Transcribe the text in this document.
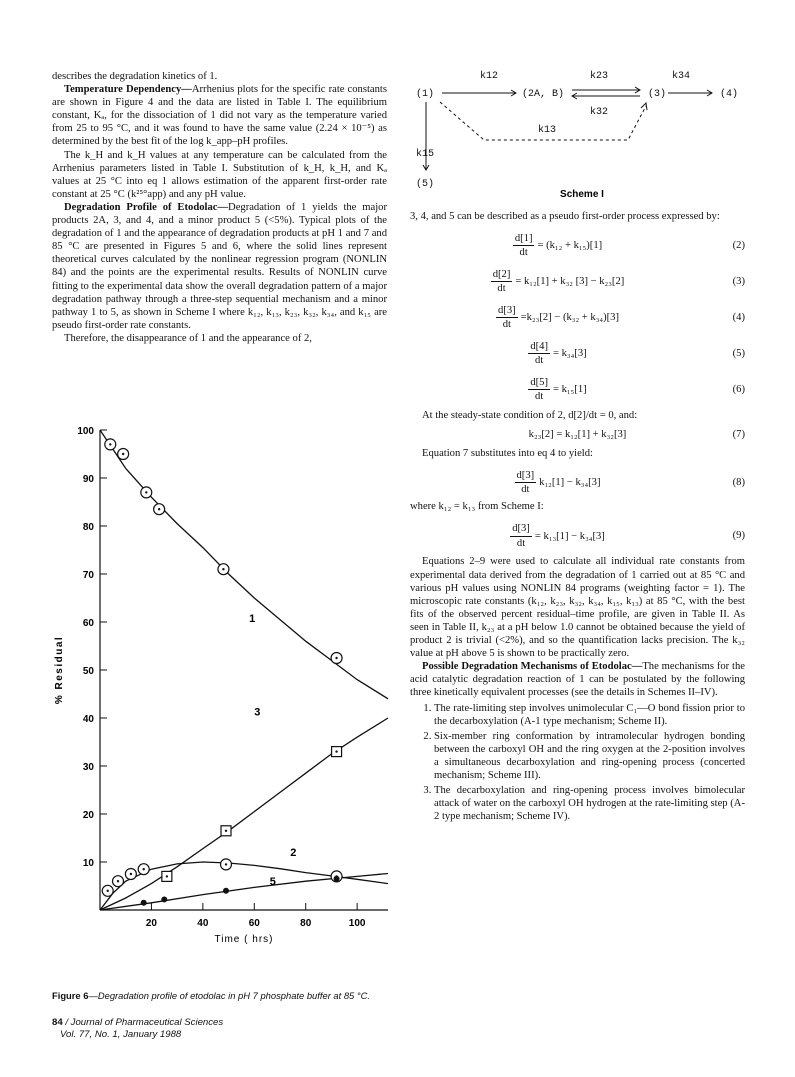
describes the degradation kinetics of 1.

Temperature Dependency—Arrhenius plots for the specific rate constants are shown in Figure 4 and the data are listed in Table I. The equilibrium constant, Kₐ, for the dissociation of 1 did not vary as the temperature varied from 25 to 95 °C, and it was found to have the same value (2.24 × 10⁻⁵) as determined by the best fit of the log k_app–pH profiles.

The k_H and k_H values at any temperature can be calculated from the Arrhenius parameters listed in Table I. Substitution of k_H, k_H, and Kₐ values at 25 °C into eq 1 allows estimation of the apparent first-order rate constant at 25 °C (k²⁵°app) and any pH value.

Degradation Profile of Etodolac—Degradation of 1 yields the major products 2A, 3, and 4, and a minor product 5 (<5%). Typical plots of the degradation of 1 and the appearance of degradation products at pH 1 and 7 and 85 °C are presented in Figures 5 and 6, where the solid lines represent theoretical curves calculated by the nonlinear regression program (NONLIN 84) and the points are the experimental results. Results of NONLIN curve fitting to the experimental data show the overall degradation pattern of a major degradation pathway through a three-step sequential mechanism and a minor pathway 1 to 5, as shown in Scheme I where k₁₂, k₁₃, k₂₃, k₃₂, k₃₄, and k₁₅ are pseudo first-order rate constants.

Therefore, the disappearance of 1 and the appearance of 2,

(1)	(2A, B)	(3)	(4)
(5)
k12	k23
k32
k34
k13
k15
Scheme I

3, 4, and 5 can be described as a pseudo first-order process expressed by:

$\frac{d[1]}{dt} = (k_{12} + k_{15})[1]$	(2)
$\frac{d[2]}{dt} = k_{12}[1] + k_{32}$ [3] − k₂₃[2]	(3)
$\frac{d[3]}{dt} =k_{23}[2] - (k_{32} + k_{34})[3]$	(4)
$\frac{d[4]}{dt} = k_{34}[3]$	(5)
$\frac{d[5]}{dt} = k_{15}[1]$	(6)

At the steady-state condition of 2, d[2]/dt = 0, and:

k₂₃[2] = k₁₂[1] + k₃₂[3]	(7)

Equation 7 substitutes into eq 4 to yield:

$\frac{d[3]}{dt} k_{12}[1] - k_{34}[3]$	(8)

where k₁₂ = k₁₃ from Scheme I:

$\frac{d[3]}{dt} = k_{13}[1] - k_{34}[3]$	(9)

Equations 2–9 were used to calculate all individual rate constants from experimental data derived from the degradation of 1 carried out at 85 °C and various pH values using NONLIN 84 programs (weighting factor = 1). The microscopic rate constants (k₁₂, k₂₃, k₃₂, k₃₄, k₁₅, k₁₃) at 85 °C, with the best fits of the observed percent residual–time profile, are given in Table II. As seen in Table II, k₂₃ at a pH below 1.0 cannot be obtained because the yield of product 2 is trivial (<2%), and so the quantification lacks precision. The k₃₂ value at pH above 5 is shown to be practically zero.

Possible Degradation Mechanisms of Etodolac—The mechanisms for the acid catalytic degradation reaction of 1 can be postulated by the following three kinetically equivalent processes (see the details in Schemes II–IV).

1. The rate-limiting step involves unimolecular C₁—O bond fission prior to the decarboxylation (A-1 type mechanism; Scheme II).
2. Six-member ring conformation by intramolecular hydrogen bonding between the carboxyl OH and the ring oxygen at the 2-position involves a simultaneous decarboxylation and ring-opening process (concerted mechanism; Scheme III).
3. The decarboxylation and ring-opening process involves bimolecular attack of water on the carboxyl OH hydrogen at the rate-limiting step (A-2 type mechanism; Scheme IV).
10
20
30
40
50
60
70
80
90
100
20	40	60	80	100
Time ( hrs)
% Residual
1
3
2
5
Figure 6—Degradation profile of etodolac in pH 7 phosphate buffer at 85 °C.
84 / Journal of Pharmaceutical Sciences
Vol. 77, No. 1, January 1988
